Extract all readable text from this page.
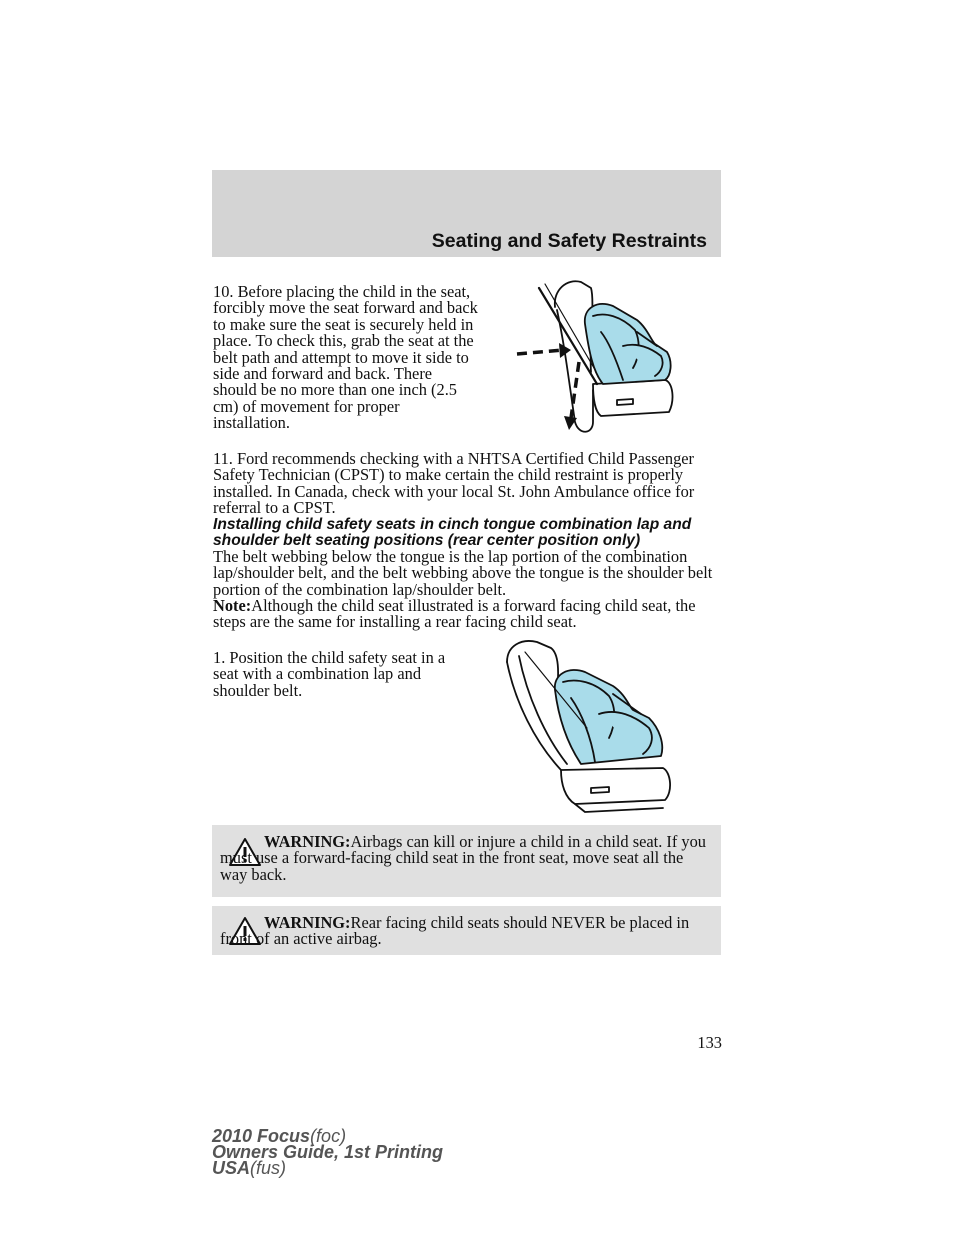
Seating and Safety Restraints

10. Before placing the child in the seat, forcibly move the seat forward and back to make sure the seat is securely held in place. To check this, grab the seat at the belt path and attempt to move it side to side and forward and back. There should be no more than one inch (2.5 cm) of movement for proper installation.

11. Ford recommends checking with a NHTSA Certified Child Passenger Safety Technician (CPST) to make certain the child restraint is properly installed. In Canada, check with your local St. John Ambulance office for referral to a CPST.

Installing child safety seats in cinch tongue combination lap and shoulder belt seating positions (rear center position only)

The belt webbing below the tongue is the lap portion of the combination lap/shoulder belt, and the belt webbing above the tongue is the shoulder belt portion of the combination lap/shoulder belt.

Note:Although the child seat illustrated is a forward facing child seat, the steps are the same for installing a rear facing child seat.

1. Position the child safety seat in a seat with a combination lap and shoulder belt.

WARNING:Airbags can kill or injure a child in a child seat. If you must use a forward-facing child seat in the front seat, move seat all the way back.

WARNING:Rear facing child seats should NEVER be placed in front of an active airbag.

133
2010 Focus(foc)
Owners Guide, 1st Printing
USA(fus)
